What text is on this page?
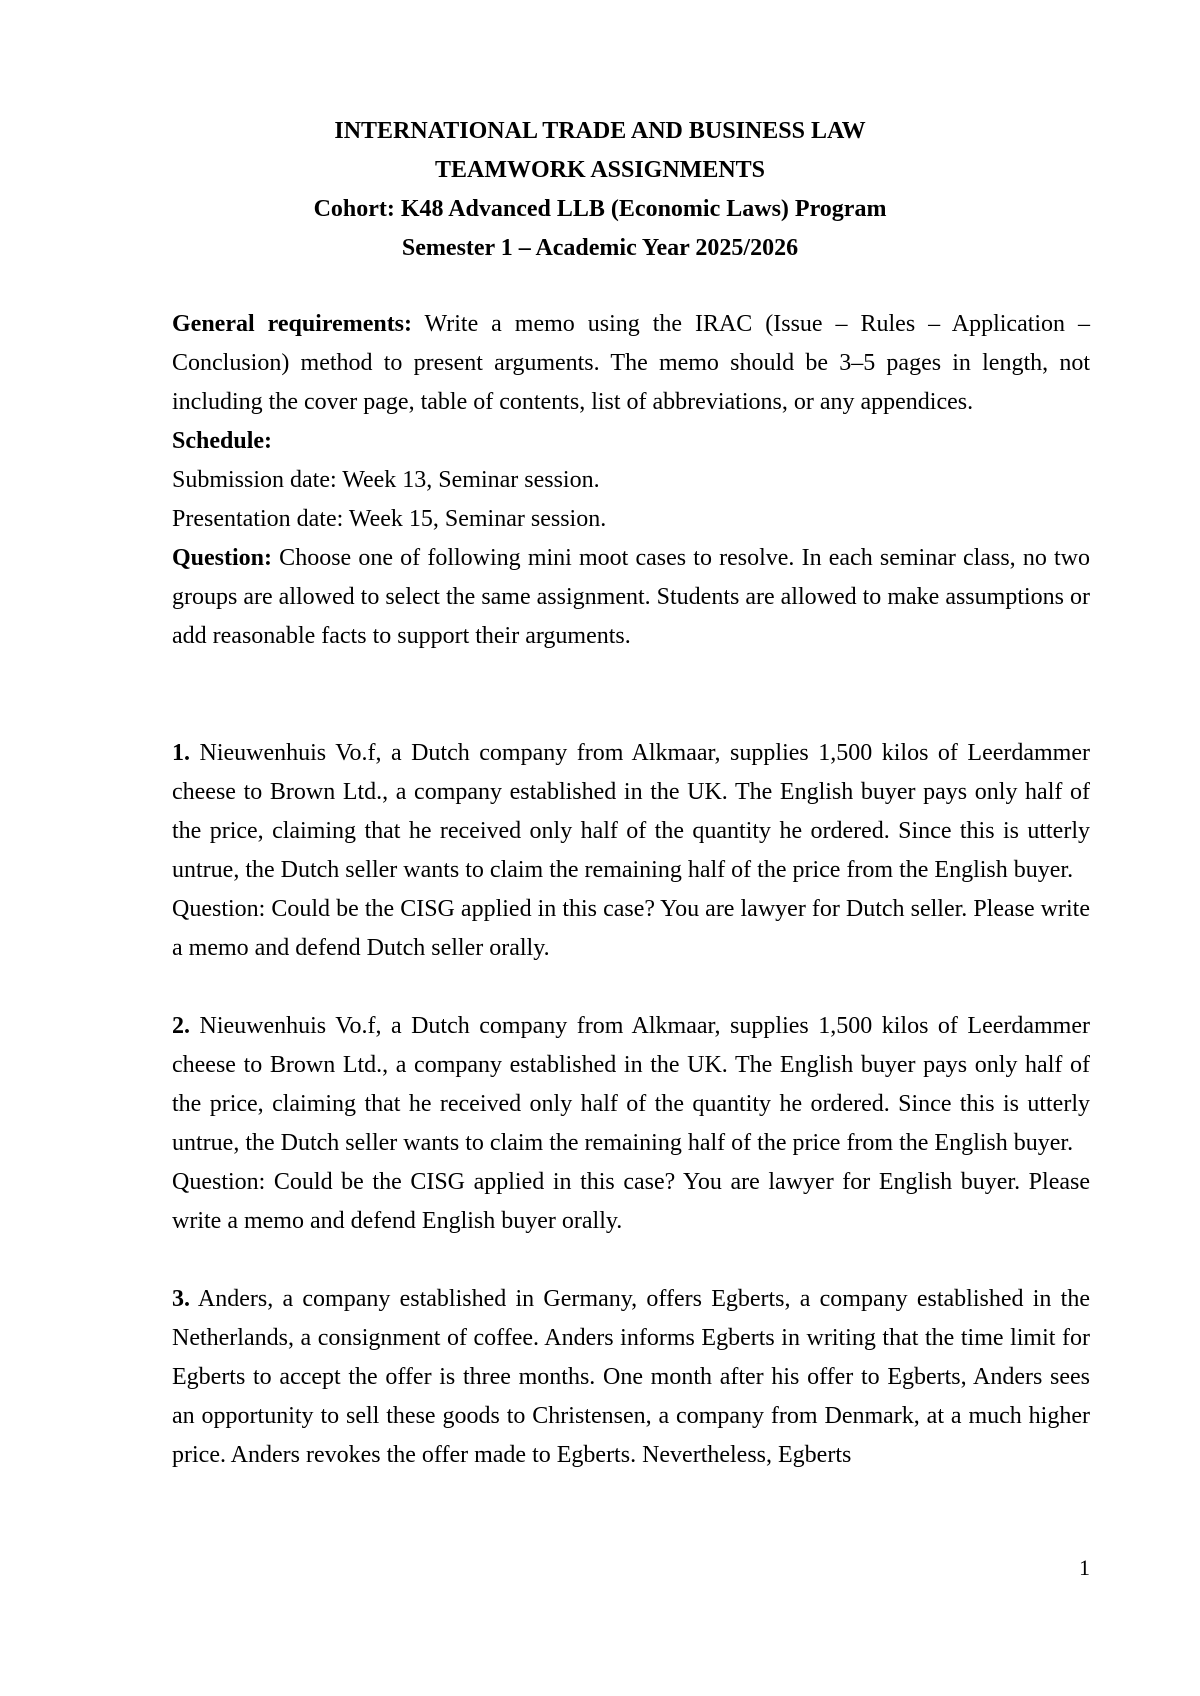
INTERNATIONAL TRADE AND BUSINESS LAW
TEAMWORK ASSIGNMENTS
Cohort: K48 Advanced LLB (Economic Laws) Program
Semester 1 – Academic Year 2025/2026

General requirements: Write a memo using the IRAC (Issue – Rules – Application – Conclusion) method to present arguments. The memo should be 3–5 pages in length, not including the cover page, table of contents, list of abbreviations, or any appendices.

Schedule:

Submission date: Week 13, Seminar session.

Presentation date: Week 15, Seminar session.

Question: Choose one of following mini moot cases to resolve. In each seminar class, no two groups are allowed to select the same assignment. Students are allowed to make assumptions or add reasonable facts to support their arguments.

1. Nieuwenhuis Vo.f, a Dutch company from Alkmaar, supplies 1,500 kilos of Leerdammer cheese to Brown Ltd., a company established in the UK. The English buyer pays only half of the price, claiming that he received only half of the quantity he ordered. Since this is utterly untrue, the Dutch seller wants to claim the remaining half of the price from the English buyer.

Question: Could be the CISG applied in this case? You are lawyer for Dutch seller. Please write a memo and defend Dutch seller orally.

2. Nieuwenhuis Vo.f, a Dutch company from Alkmaar, supplies 1,500 kilos of Leerdammer cheese to Brown Ltd., a company established in the UK. The English buyer pays only half of the price, claiming that he received only half of the quantity he ordered. Since this is utterly untrue, the Dutch seller wants to claim the remaining half of the price from the English buyer.

Question: Could be the CISG applied in this case? You are lawyer for English buyer. Please write a memo and defend English buyer orally.

3. Anders, a company established in Germany, offers Egberts, a company established in the Netherlands, a consignment of coffee. Anders informs Egberts in writing that the time limit for Egberts to accept the offer is three months. One month after his offer to Egberts, Anders sees an opportunity to sell these goods to Christensen, a company from Denmark, at a much higher price. Anders revokes the offer made to Egberts. Nevertheless, Egberts

1
